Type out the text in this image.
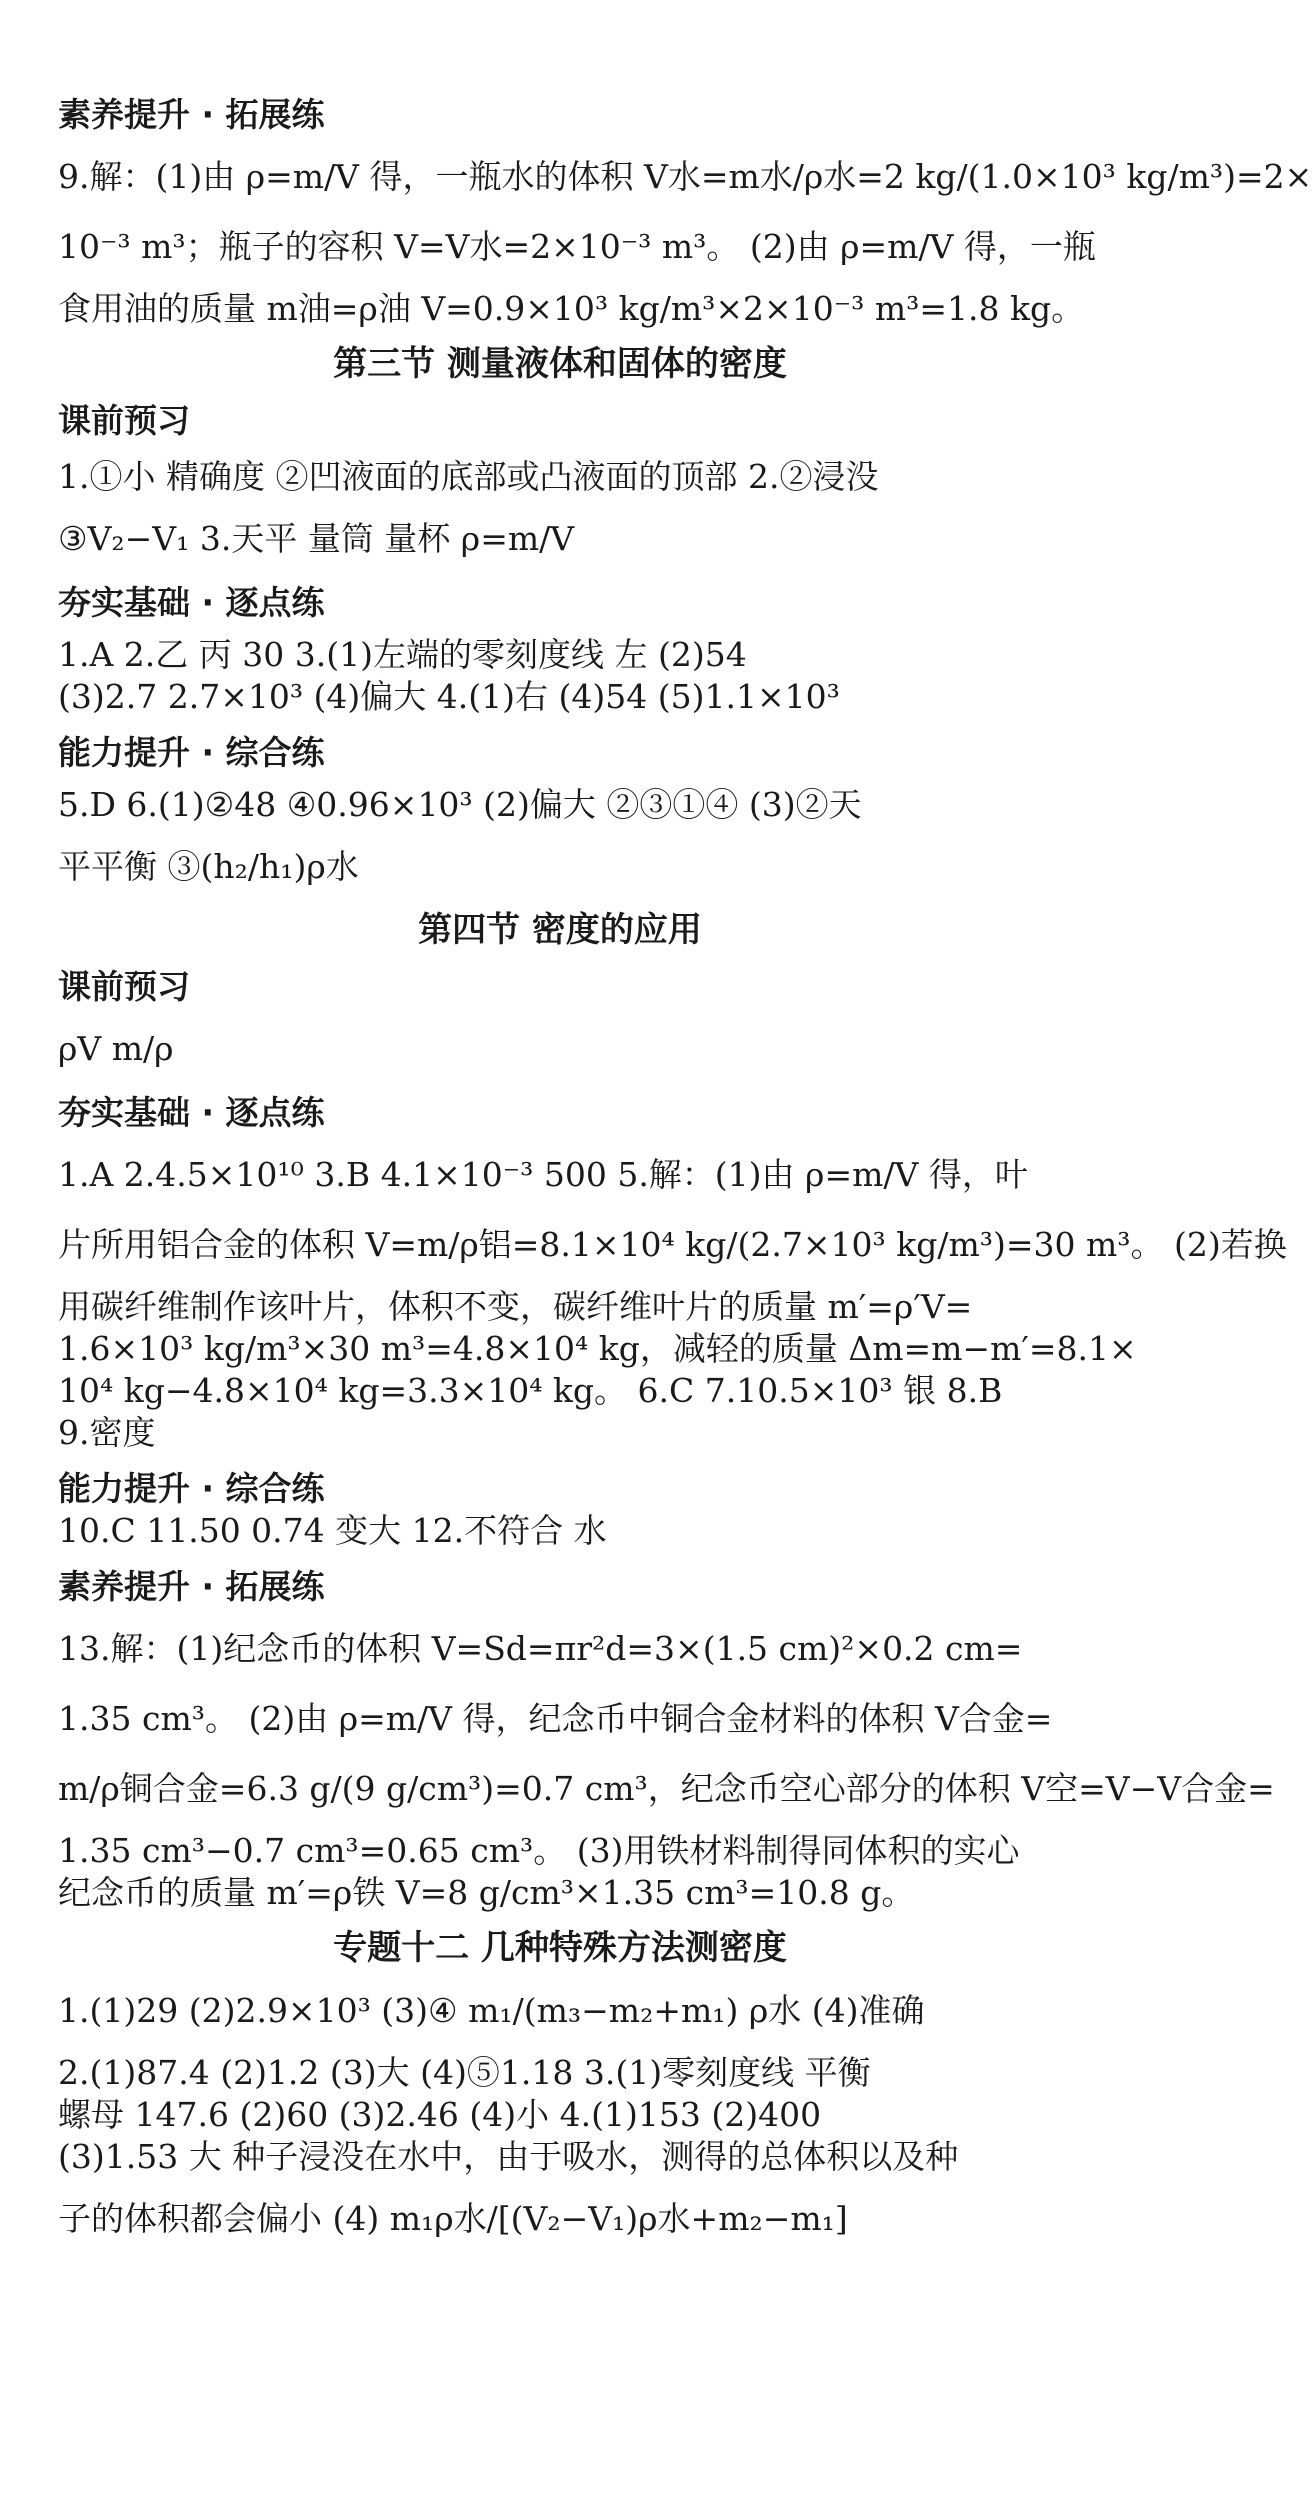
素养提升 · 拓展练
9.解：(1)由 ρ=m/V 得，一瓶水的体积 V水=m水/ρ水=2 kg/(1.0×10³ kg/m³)=2×
10⁻³ m³；瓶子的容积 V=V水=2×10⁻³ m³。 (2)由 ρ=m/V 得，一瓶
食用油的质量 m油=ρ油 V=0.9×10³ kg/m³×2×10⁻³ m³=1.8 kg。
第三节 测量液体和固体的密度
课前预习
1.①小 精确度 ②凹液面的底部或凸液面的顶部 2.②浸没
③V₂−V₁ 3.天平 量筒 量杯 ρ=m/V
夯实基础 · 逐点练
1.A 2.乙 丙 30 3.(1)左端的零刻度线 左 (2)54
(3)2.7 2.7×10³ (4)偏大 4.(1)右 (4)54 (5)1.1×10³
能力提升 · 综合练
5.D 6.(1)②48 ④0.96×10³ (2)偏大 ②③①④ (3)②天
平平衡 ③(h₂/h₁)ρ水
第四节 密度的应用
课前预习
ρV m/ρ
夯实基础 · 逐点练
1.A 2.4.5×10¹⁰ 3.B 4.1×10⁻³ 500 5.解：(1)由 ρ=m/V 得，叶
片所用铝合金的体积 V=m/ρ铝=8.1×10⁴ kg/(2.7×10³ kg/m³)=30 m³。 (2)若换
用碳纤维制作该叶片，体积不变，碳纤维叶片的质量 m′=ρ′V=
1.6×10³ kg/m³×30 m³=4.8×10⁴ kg，减轻的质量 Δm=m−m′=8.1×
10⁴ kg−4.8×10⁴ kg=3.3×10⁴ kg。 6.C 7.10.5×10³ 银 8.B
9.密度
能力提升 · 综合练
10.C 11.50 0.74 变大 12.不符合 水
素养提升 · 拓展练
13.解：(1)纪念币的体积 V=Sd=πr²d=3×(1.5 cm)²×0.2 cm=
1.35 cm³。 (2)由 ρ=m/V 得，纪念币中铜合金材料的体积 V合金=
m/ρ铜合金=6.3 g/(9 g/cm³)=0.7 cm³，纪念币空心部分的体积 V空=V−V合金=
1.35 cm³−0.7 cm³=0.65 cm³。 (3)用铁材料制得同体积的实心
纪念币的质量 m′=ρ铁 V=8 g/cm³×1.35 cm³=10.8 g。
专题十二 几种特殊方法测密度
1.(1)29 (2)2.9×10³ (3)④ m₁/(m₃−m₂+m₁) ρ水 (4)准确
2.(1)87.4 (2)1.2 (3)大 (4)⑤1.18 3.(1)零刻度线 平衡
螺母 147.6 (2)60 (3)2.46 (4)小 4.(1)153 (2)400
(3)1.53 大 种子浸没在水中，由于吸水，测得的总体积以及种
子的体积都会偏小 (4) m₁ρ水/[(V₂−V₁)ρ水+m₂−m₁]
